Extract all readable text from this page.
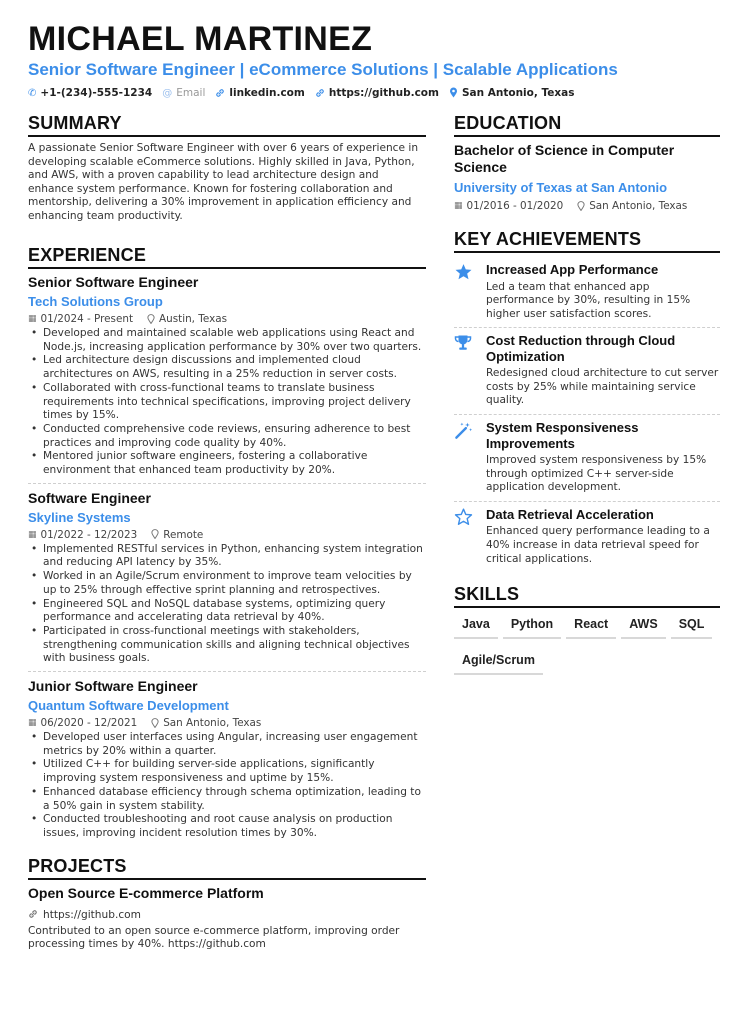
MICHAEL MARTINEZ
Senior Software Engineer | eCommerce Solutions | Scalable Applications
✆ +1-(234)-555-1234 @ Email linkedin.com https://github.com San Antonio, Texas
SUMMARY
A passionate Senior Software Engineer with over 6 years of experience in developing scalable eCommerce solutions. Highly skilled in Java, Python, and AWS, with a proven capability to lead architecture design and enhance system performance. Known for fostering collaboration and mentorship, delivering a 30% improvement in application efficiency and enhancing team productivity.
EXPERIENCE
Senior Software Engineer
Tech Solutions Group
▦ 01/2024 - Present	Austin, Texas
• Developed and maintained scalable web applications using React and Node.js, increasing application performance by 30% over two quarters.
• Led architecture design discussions and implemented cloud architectures on AWS, resulting in a 25% reduction in server costs.
• Collaborated with cross-functional teams to translate business requirements into technical specifications, improving project delivery times by 15%.
• Conducted comprehensive code reviews, ensuring adherence to best practices and improving code quality by 40%.
• Mentored junior software engineers, fostering a collaborative environment that enhanced team productivity by 20%.
Software Engineer
Skyline Systems
▦ 01/2022 - 12/2023	Remote
• Implemented RESTful services in Python, enhancing system integration and reducing API latency by 35%.
• Worked in an Agile/Scrum environment to improve team velocities by up to 25% through effective sprint planning and retrospectives.
• Engineered SQL and NoSQL database systems, optimizing query performance and accelerating data retrieval by 40%.
• Participated in cross-functional meetings with stakeholders, strengthening communication skills and aligning technical objectives with business goals.
Junior Software Engineer
Quantum Software Development
▦ 06/2020 - 12/2021	San Antonio, Texas
• Developed user interfaces using Angular, increasing user engagement metrics by 20% within a quarter.
• Utilized C++ for building server-side applications, significantly improving system responsiveness and uptime by 15%.
• Enhanced database efficiency through schema optimization, leading to a 50% gain in system stability.
• Conducted troubleshooting and root cause analysis on production issues, improving incident resolution times by 30%.
PROJECTS
Open Source E-commerce Platform
https://github.com
Contributed to an open source e-commerce platform, improving order processing times by 40%. https://github.com
EDUCATION
Bachelor of Science in Computer Science
University of Texas at San Antonio
▦ 01/2016 - 01/2020	San Antonio, Texas
KEY ACHIEVEMENTS
Increased App Performance
Led a team that enhanced app performance by 30%, resulting in 15% higher user satisfaction scores.
Cost Reduction through Cloud Optimization
Redesigned cloud architecture to cut server costs by 25% while maintaining service quality.
System Responsiveness Improvements
Improved system responsiveness by 15% through optimized C++ server-side application development.
Data Retrieval Acceleration
Enhanced query performance leading to a 40% increase in data retrieval speed for critical applications.
SKILLS
Java	Python	React	AWS	SQL
Agile/Scrum
